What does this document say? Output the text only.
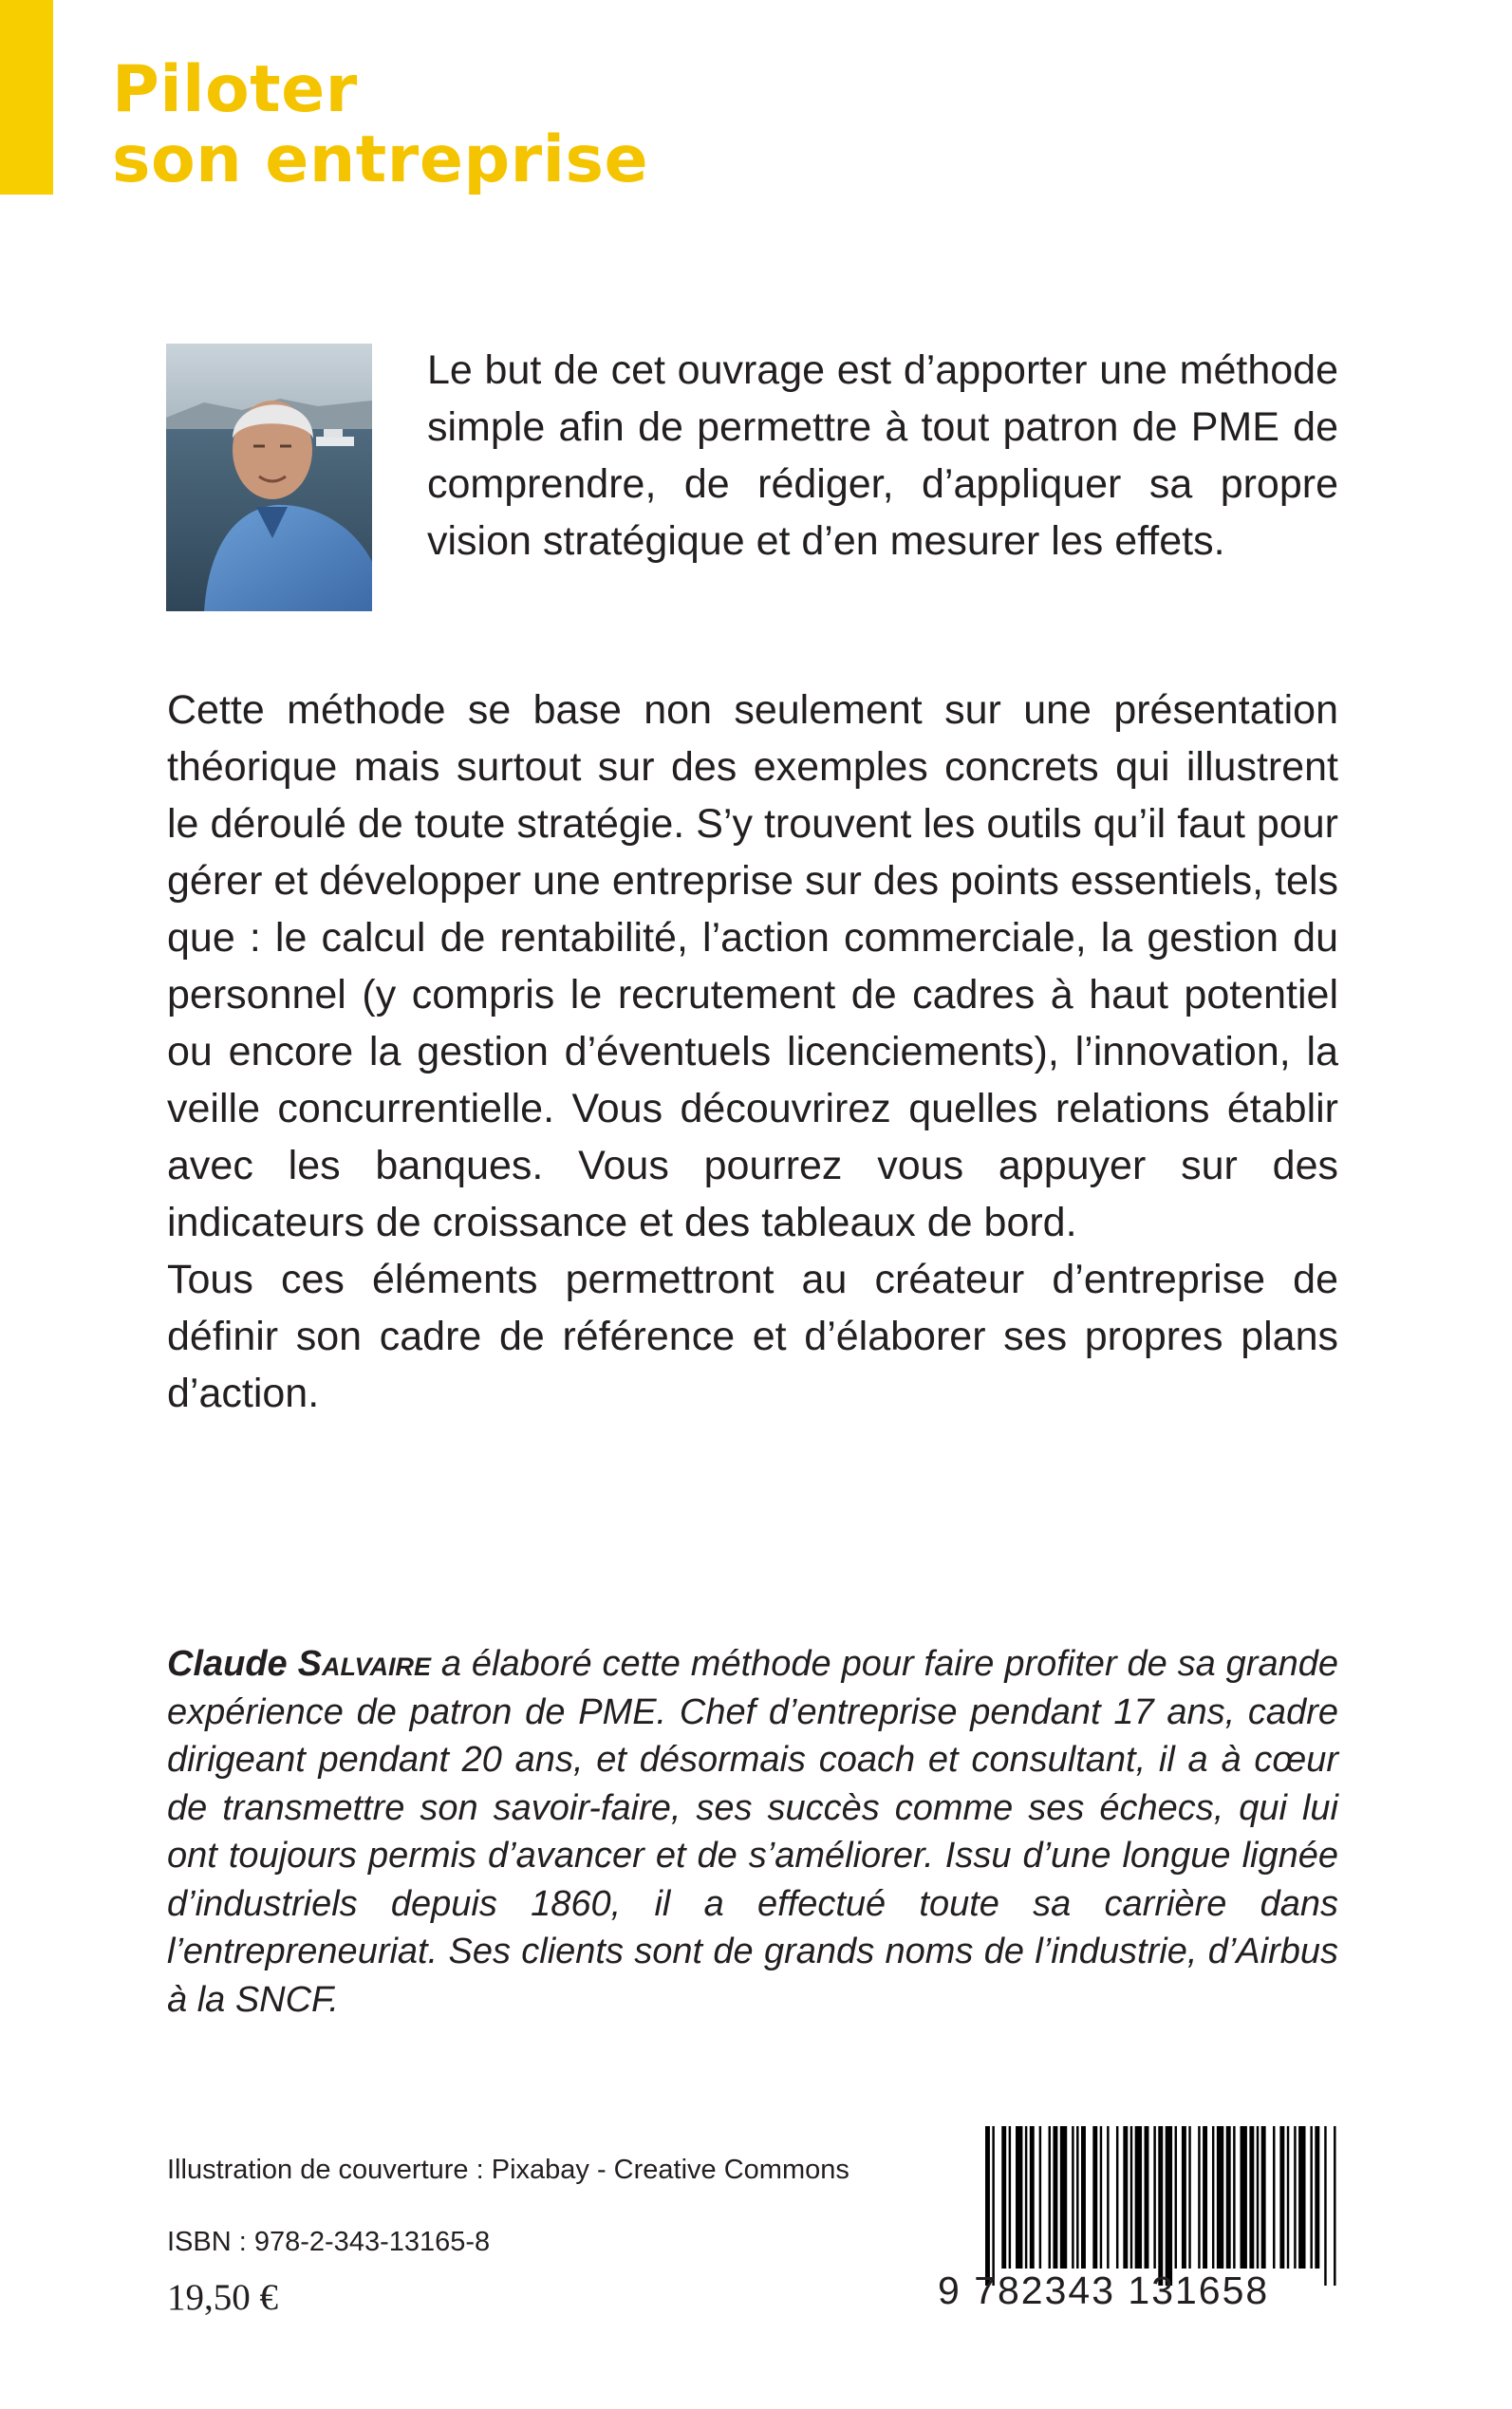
Piloter
son entreprise

Le but de cet ouvrage est d’apporter une méthode simple afin de permettre à tout patron de PME de comprendre, de rédiger, d’appliquer sa propre vision stratégique et d’en mesurer les effets.

Cette méthode se base non seulement sur une présentation théorique mais surtout sur des exemples concrets qui illustrent le déroulé de toute stratégie. S’y trouvent les outils qu’il faut pour gérer et développer une entreprise sur des points essentiels, tels que : le calcul de rentabilité, l’action commerciale, la gestion du personnel (y compris le recrutement de cadres à haut potentiel ou encore la gestion d’éventuels licenciements), l’innovation, la veille concurrentielle. Vous découvrirez quelles relations établir avec les banques. Vous pourrez vous appuyer sur des indicateurs de croissance et des tableaux de bord.

Tous ces éléments permettront au créateur d’entreprise de définir son cadre de référence et d’élaborer ses propres plans d’action.

Claude Salvaire a élaboré cette méthode pour faire profiter de sa grande expérience de patron de PME. Chef d’entreprise pendant 17 ans, cadre dirigeant pendant 20 ans, et désormais coach et consultant, il a à cœur de transmettre son savoir-faire, ses succès comme ses échecs, qui lui ont toujours permis d’avancer et de s’améliorer. Issu d’une longue lignée d’industriels depuis 1860, il a effectué toute sa carrière dans l’entrepreneuriat. Ses clients sont de grands noms de l’industrie, d’Airbus à la SNCF.

Illustration de couverture : Pixabay - Creative Commons

ISBN : 978-2-343-13165-8

19,50 €	9 782343 131658
